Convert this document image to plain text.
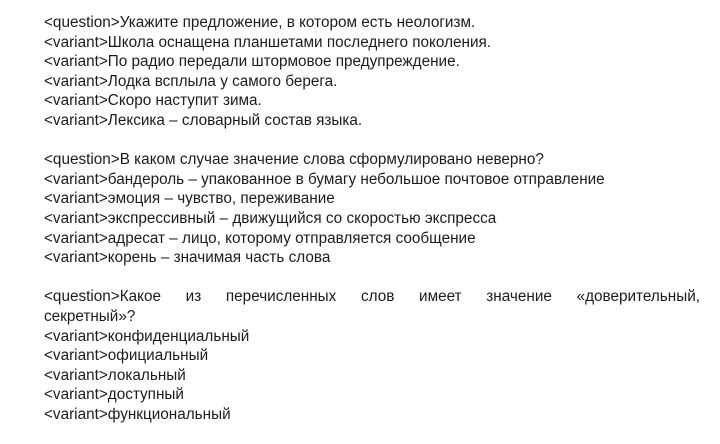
<question>Укажите предложение, в котором есть неологизм.
<variant>Школа оснащена планшетами последнего поколения.
<variant>По радио передали штормовое предупреждение.
<variant>Лодка всплыла у самого берега.
<variant>Скоро наступит зима.
<variant>Лексика – словарный состав языка.
<question>В каком случае значение слова сформулировано неверно?
<variant>бандероль – упакованное в бумагу небольшое почтовое отправление
<variant>эмоция – чувство, переживание
<variant>экспрессивный – движущийся со скоростью экспресса
<variant>адресат – лицо, которому отправляется сообщение
<variant>корень – значимая часть слова
<question>Какое из перечисленных слов имеет значение «доверительный,
секретный»?
<variant>конфиденциальный
<variant>официальный
<variant>локальный
<variant>доступный
<variant>функциональный
